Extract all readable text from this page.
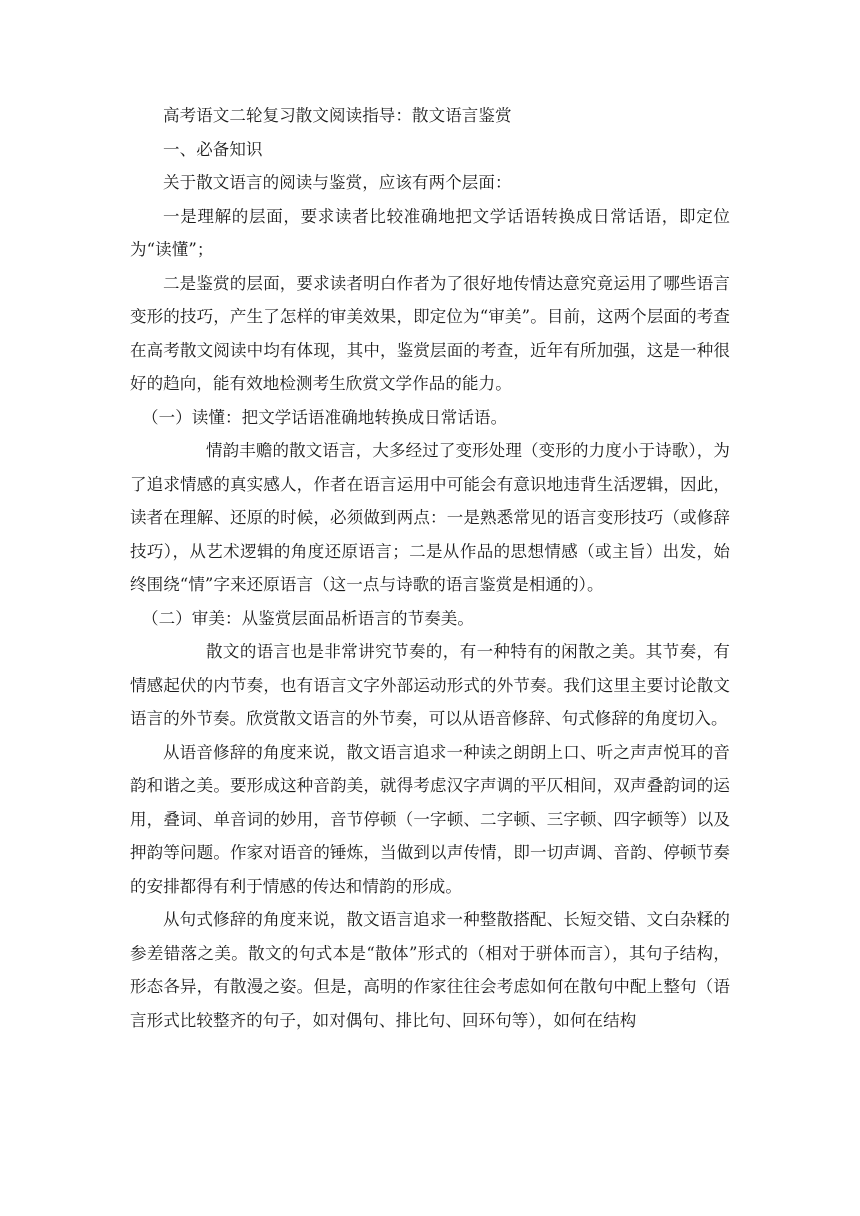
高考语文二轮复习散文阅读指导：散文语言鉴赏

一、必备知识

关于散文语言的阅读与鉴赏，应该有两个层面：

一是理解的层面，要求读者比较准确地把文学话语转换成日常话语，即定位为“读懂”；

二是鉴赏的层面，要求读者明白作者为了很好地传情达意究竟运用了哪些语言变形的技巧，产生了怎样的审美效果，即定位为“审美”。目前，这两个层面的考查在高考散文阅读中均有体现，其中，鉴赏层面的考查，近年有所加强，这是一种很好的趋向，能有效地检测考生欣赏文学作品的能力。

（一）读懂：把文学话语准确地转换成日常话语。

情韵丰赡的散文语言，大多经过了变形处理（变形的力度小于诗歌），为了追求情感的真实感人，作者在语言运用中可能会有意识地违背生活逻辑，因此，读者在理解、还原的时候，必须做到两点：一是熟悉常见的语言变形技巧（或修辞技巧），从艺术逻辑的角度还原语言；二是从作品的思想情感（或主旨）出发，始终围绕“情”字来还原语言（这一点与诗歌的语言鉴赏是相通的）。

（二）审美：从鉴赏层面品析语言的节奏美。

散文的语言也是非常讲究节奏的，有一种特有的闲散之美。其节奏，有情感起伏的内节奏，也有语言文字外部运动形式的外节奏。我们这里主要讨论散文语言的外节奏。欣赏散文语言的外节奏，可以从语音修辞、句式修辞的角度切入。

从语音修辞的角度来说，散文语言追求一种读之朗朗上口、听之声声悦耳的音韵和谐之美。要形成这种音韵美，就得考虑汉字声调的平仄相间，双声叠韵词的运用，叠词、单音词的妙用，音节停顿（一字顿、二字顿、三字顿、四字顿等）以及押韵等问题。作家对语音的锤炼，当做到以声传情，即一切声调、音韵、停顿节奏的安排都得有利于情感的传达和情韵的形成。

从句式修辞的角度来说，散文语言追求一种整散搭配、长短交错、文白杂糅的参差错落之美。散文的句式本是“散体”形式的（相对于骈体而言），其句子结构，形态各异，有散漫之姿。但是，高明的作家往往会考虑如何在散句中配上整句（语言形式比较整齐的句子，如对偶句、排比句、回环句等），如何在结构
